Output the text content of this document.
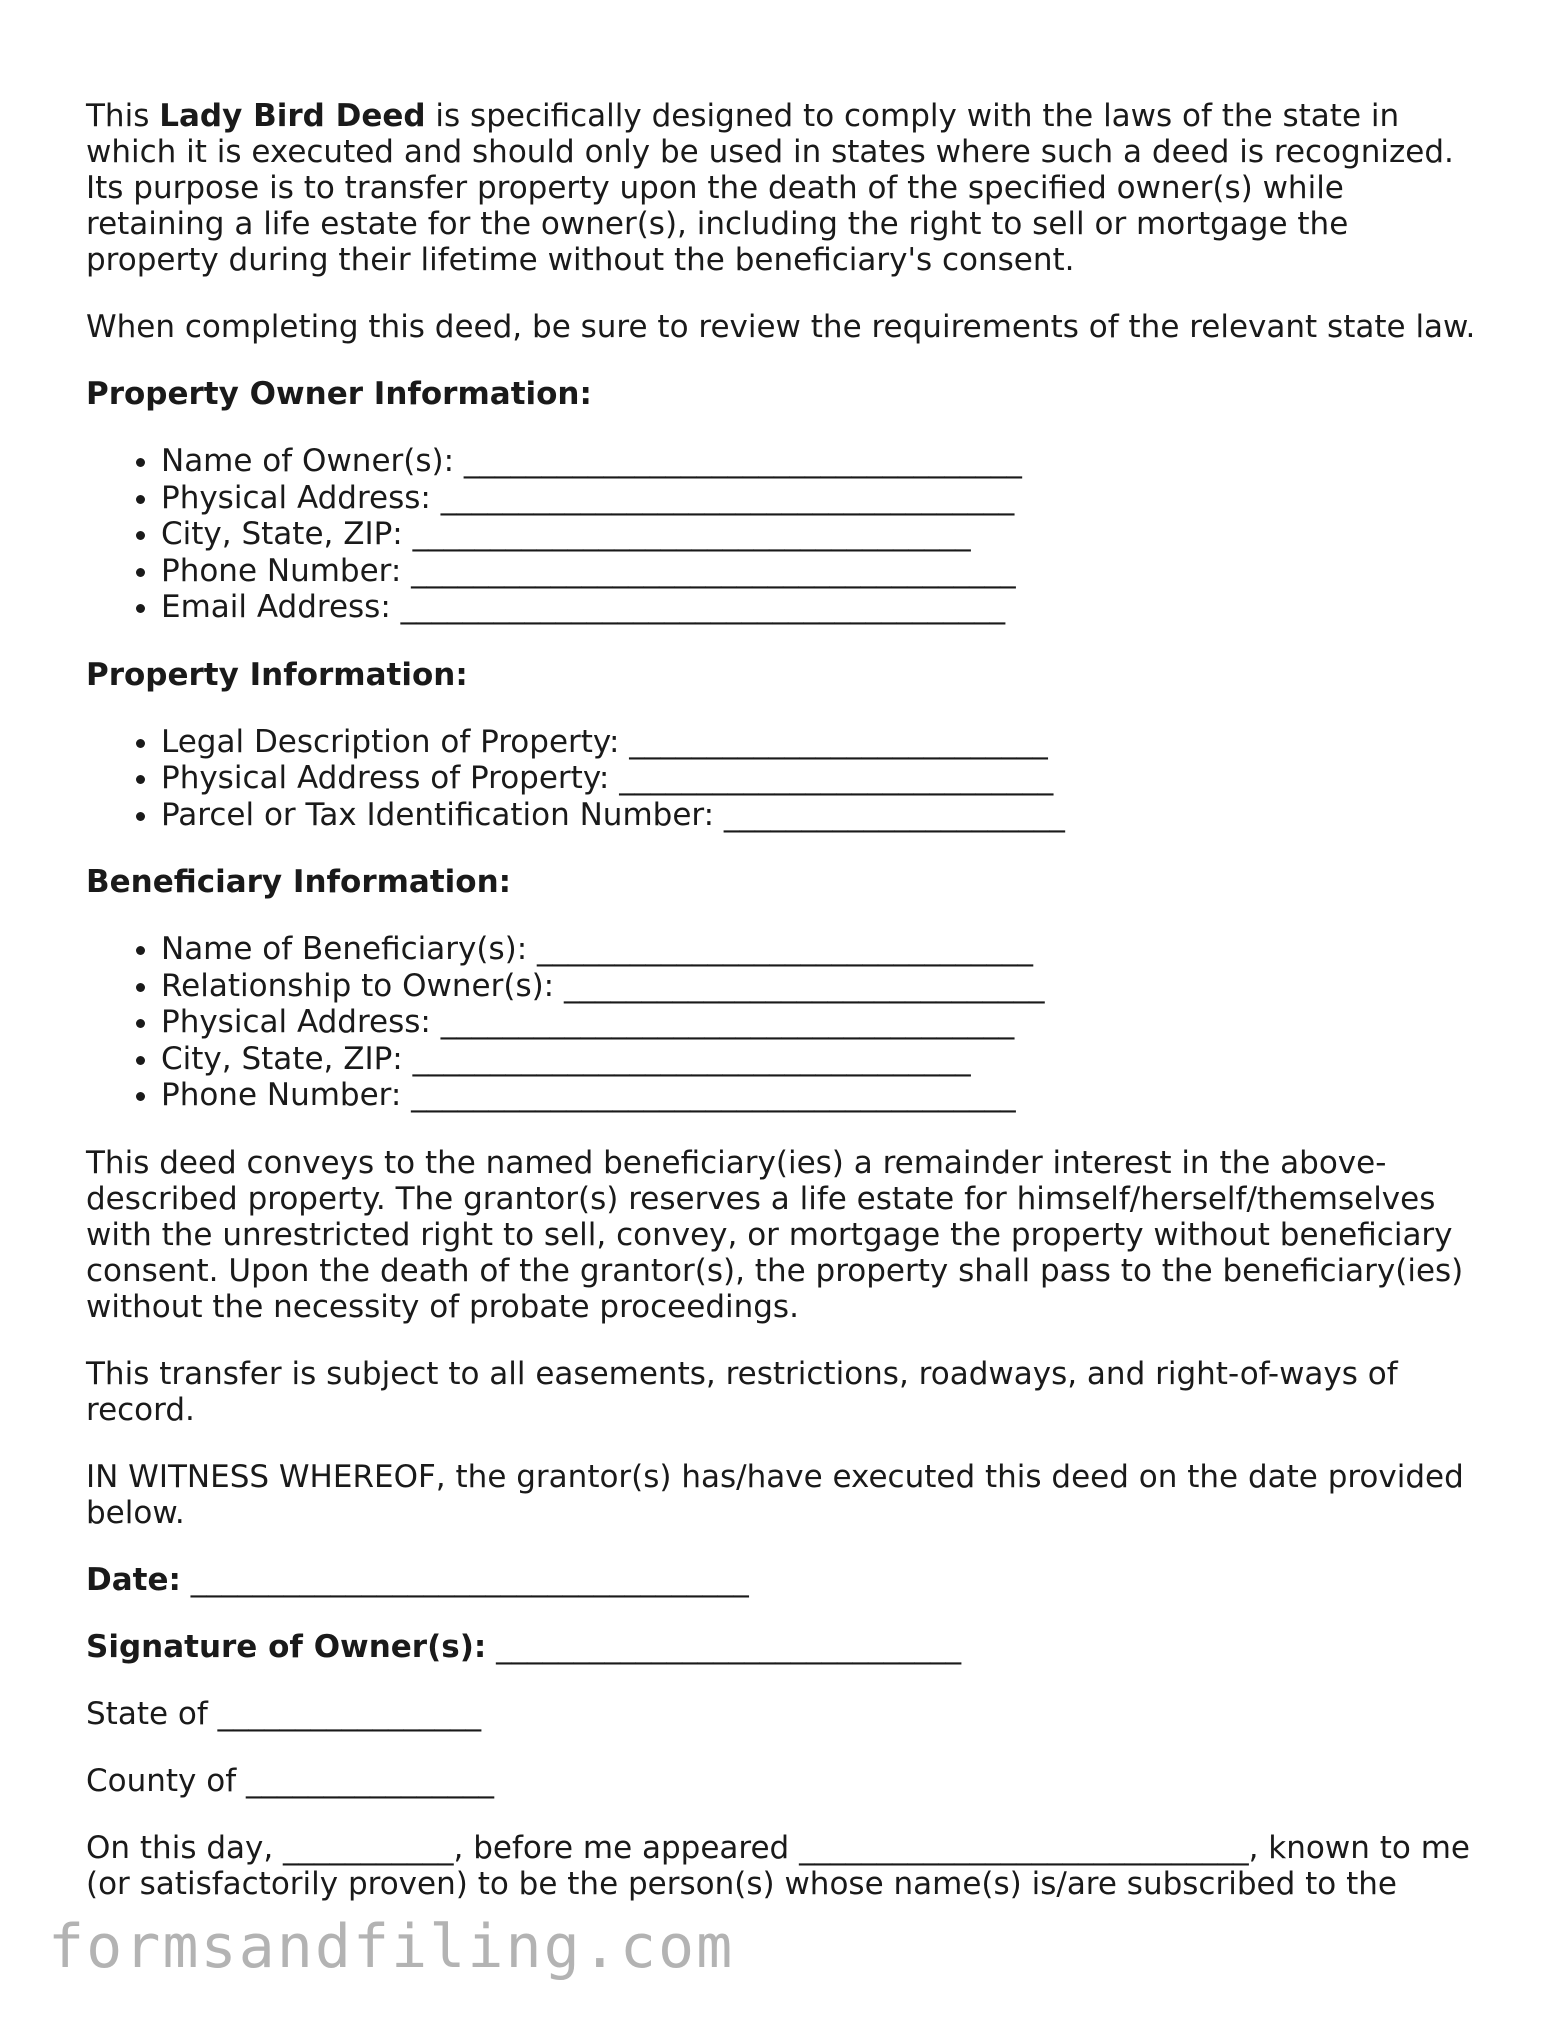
This Lady Bird Deed is specifically designed to comply with the laws of the state in which it is executed and should only be used in states where such a deed is recognized. Its purpose is to transfer property upon the death of the specified owner(s) while retaining a life estate for the owner(s), including the right to sell or mortgage the property during their lifetime without the beneficiary's consent.

When completing this deed, be sure to review the requirements of the relevant state law.

Property Owner Information:
• Name of Owner(s): ____________________________________
• Physical Address: _____________________________________
• City, State, ZIP: ____________________________________
• Phone Number: _______________________________________
• Email Address: _______________________________________
Property Information:
• Legal Description of Property: ___________________________
• Physical Address of Property: ____________________________
• Parcel or Tax Identification Number: ______________________
Beneficiary Information:
• Name of Beneficiary(s): ________________________________
• Relationship to Owner(s): _______________________________
• Physical Address: _____________________________________
• City, State, ZIP: ____________________________________
• Phone Number: _______________________________________

This deed conveys to the named beneficiary(ies) a remainder interest in the above-described property. The grantor(s) reserves a life estate for himself/herself/themselves with the unrestricted right to sell, convey, or mortgage the property without beneficiary consent. Upon the death of the grantor(s), the property shall pass to the beneficiary(ies) without the necessity of probate proceedings.

This transfer is subject to all easements, restrictions, roadways, and right-of-ways of record.

IN WITNESS WHEREOF, the grantor(s) has/have executed this deed on the date provided below.

Date: ____________________________________

Signature of Owner(s): ______________________________

State of _________________

County of ________________

On this day, ___________, before me appeared _____________________________, known to me (or satisfactorily proven) to be the person(s) whose name(s) is/are subscribed to the

formsandfiling.com
